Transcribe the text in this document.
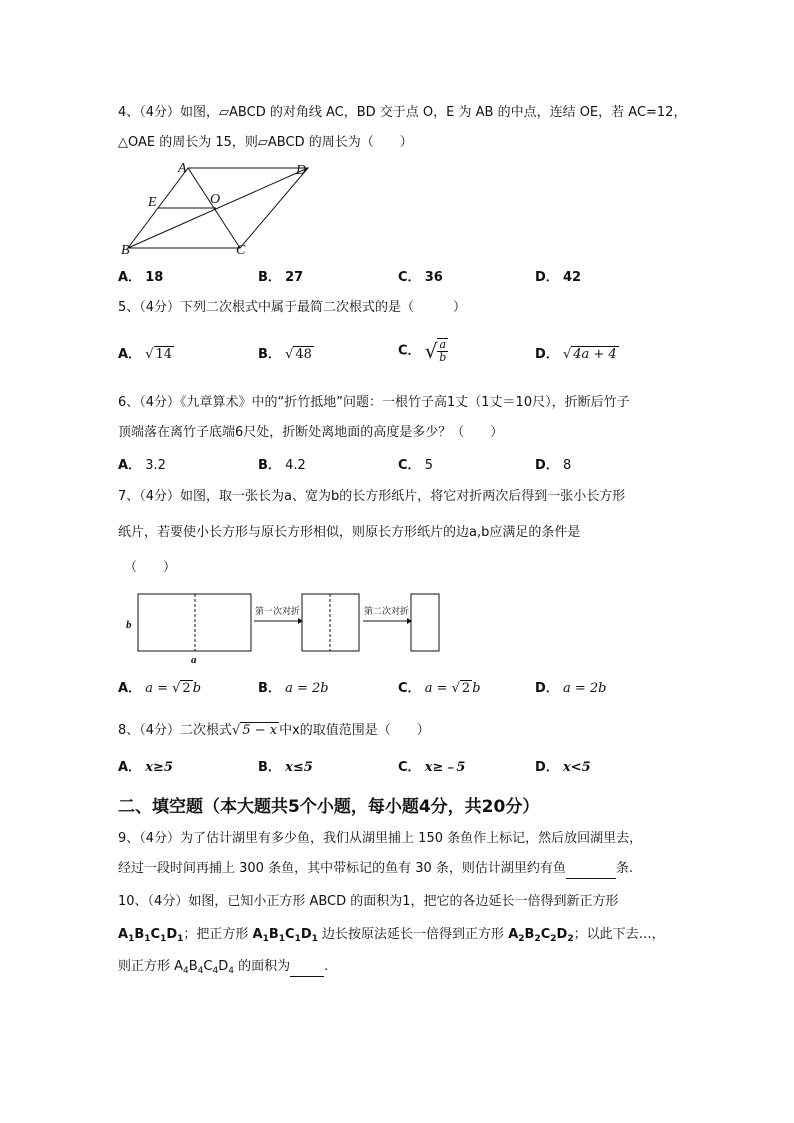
4、（4分）如图，▱ABCD 的对角线 AC，BD 交于点 O，E 为 AB 的中点，连结 OE，若 AC=12，
△OAE 的周长为 15，则▱ABCD 的周长为（　　）
A	D
E	O
B	C
A． 18	B． 27	C． 36	D． 42
5、（4分）下列二次根式中属于最简二次根式的是（　　　）
A． √ 14	B． √ 48	C． √ $\frac{a}{b}$	D． √ 4a + 4
6、（4分）《九章算术》中的“折竹抵地”问题：一根竹子高1丈（1丈＝10尺），折断后竹子
顶端落在离竹子底端6尺处，折断处离地面的高度是多少？（　　）
A． 3.2	B． 4.2	C． 5	D． 8
7、（4分）如图，取一张长为a、宽为b的长方形纸片，将它对折两次后得到一张小长方形
纸片，若要使小长方形与原长方形相似，则原长方形纸片的边a,b应满足的条件是
（　　）
第一次对折	第二次对折
b
a
A． a = √ 2 b	B． a = 2b	C． a = √ 2 b	D． a = 2b
8、（4分）二次根式√ 5 − x 中x的取值范围是（　　）
A． x≥5	B． x≤5	C． x≥﹣5	D． x<5
二、填空题（本大题共5个小题，每小题4分，共20分）
9、（4分）为了估计湖里有多少鱼，我们从湖里捕上 150 条鱼作上标记，然后放回湖里去，
经过一段时间再捕上 300 条鱼，其中带标记的鱼有 30 条，则估计湖里约有鱼	条.
10、（4分）如图，已知小正方形 ABCD 的面积为1，把它的各边延长一倍得到新正方形
$A_1B_1C_1D_1$；把正方形 $A_1B_1C_1D_1$ 边长按原法延长一倍得到正方形 $A_2B_2C_2D_2$；以此下去…，
则正方形 $A_4B_4C_4D_4$ 的面积为	.
